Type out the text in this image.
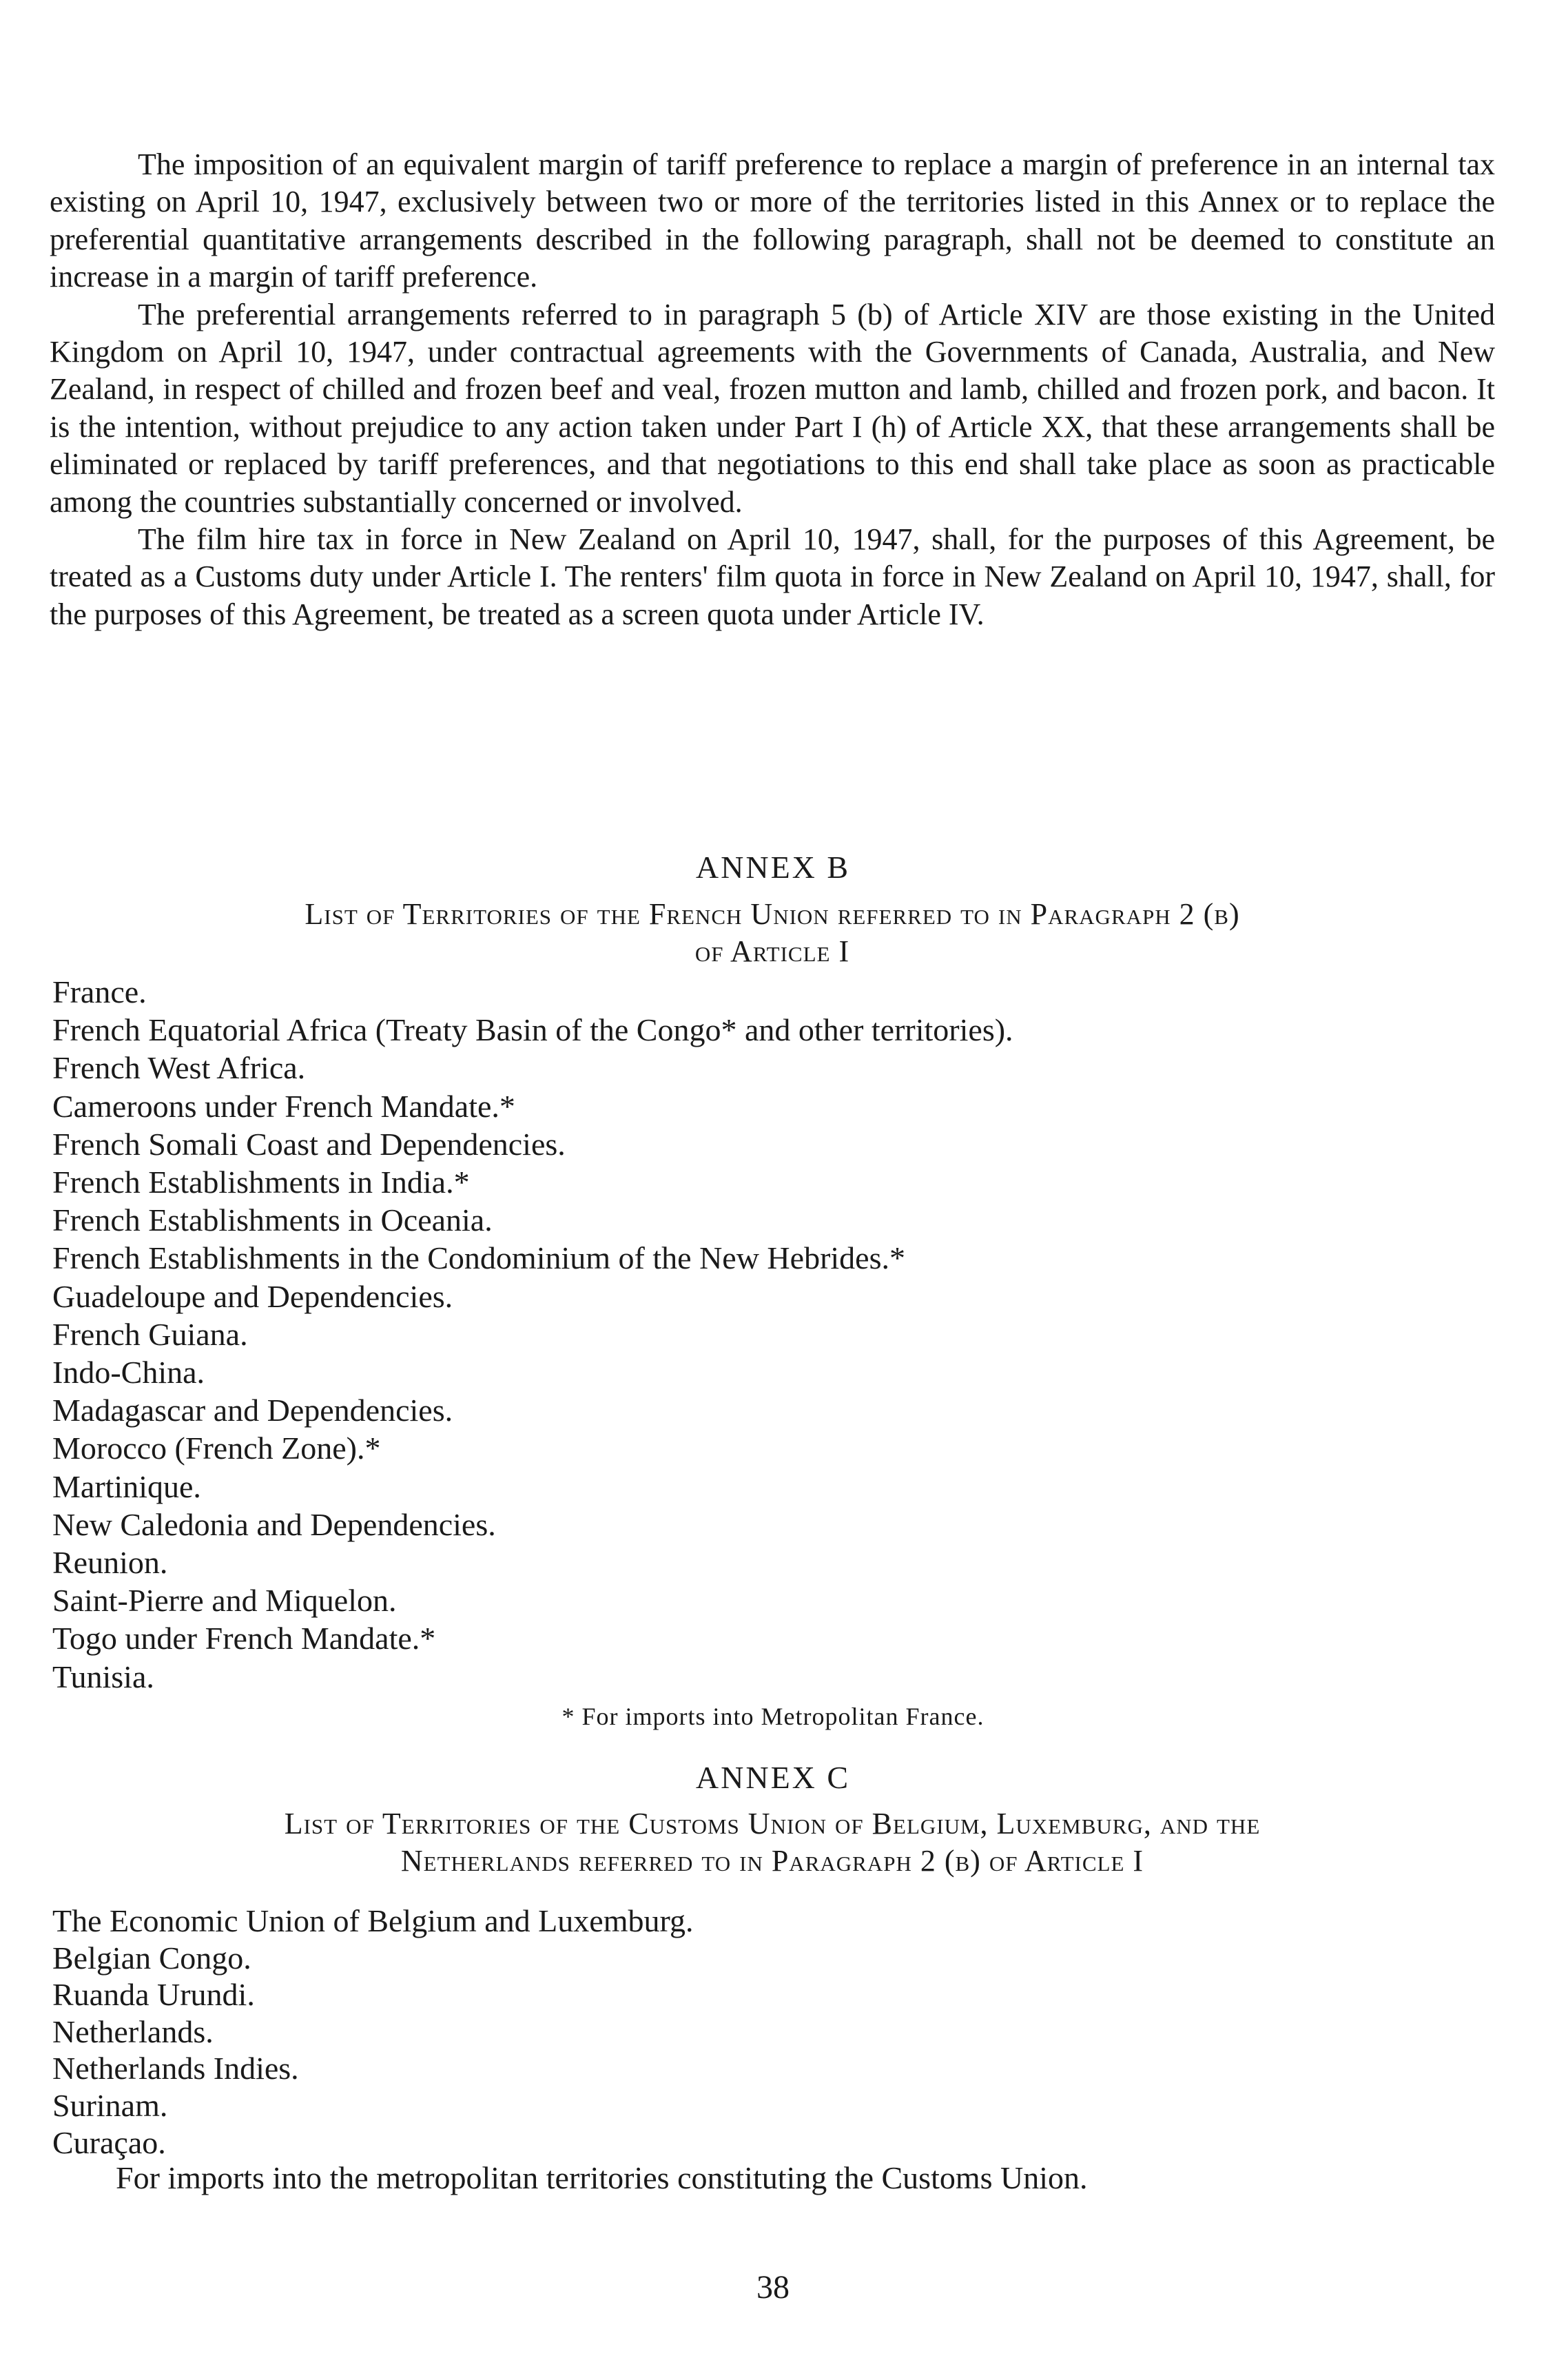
The imposition of an equivalent margin of tariff preference to replace a margin of preference in an internal tax existing on April 10, 1947, exclusively between two or more of the territories listed in this Annex or to replace the preferential quantitative arrangements described in the following paragraph, shall not be deemed to constitute an increase in a margin of tariff preference.

The preferential arrangements referred to in paragraph 5 (b) of Article XIV are those existing in the United Kingdom on April 10, 1947, under contractual agreements with the Governments of Canada, Australia, and New Zealand, in respect of chilled and frozen beef and veal, frozen mutton and lamb, chilled and frozen pork, and bacon. It is the intention, without prejudice to any action taken under Part I (h) of Article XX, that these arrangements shall be eliminated or replaced by tariff preferences, and that negotiations to this end shall take place as soon as practicable among the countries substantially concerned or involved.

The film hire tax in force in New Zealand on April 10, 1947, shall, for the purposes of this Agreement, be treated as a Customs duty under Article I. The renters' film quota in force in New Zealand on April 10, 1947, shall, for the purposes of this Agreement, be treated as a screen quota under Article IV.

ANNEX B
List of Territories of the French Union referred to in Paragraph 2 (b)
of Article I
France.
French Equatorial Africa (Treaty Basin of the Congo* and other territories).
French West Africa.
Cameroons under French Mandate.*
French Somali Coast and Dependencies.
French Establishments in India.*
French Establishments in Oceania.
French Establishments in the Condominium of the New Hebrides.*
Guadeloupe and Dependencies.
French Guiana.
Indo-China.
Madagascar and Dependencies.
Morocco (French Zone).*
Martinique.
New Caledonia and Dependencies.
Reunion.
Saint-Pierre and Miquelon.
Togo under French Mandate.*
Tunisia.
* For imports into Metropolitan France.
ANNEX C
List of Territories of the Customs Union of Belgium, Luxemburg, and the
Netherlands referred to in Paragraph 2 (b) of Article I
The Economic Union of Belgium and Luxemburg.
Belgian Congo.
Ruanda Urundi.
Netherlands.
Netherlands Indies.
Surinam.
Curaçao.
For imports into the metropolitan territories constituting the Customs Union.
38
